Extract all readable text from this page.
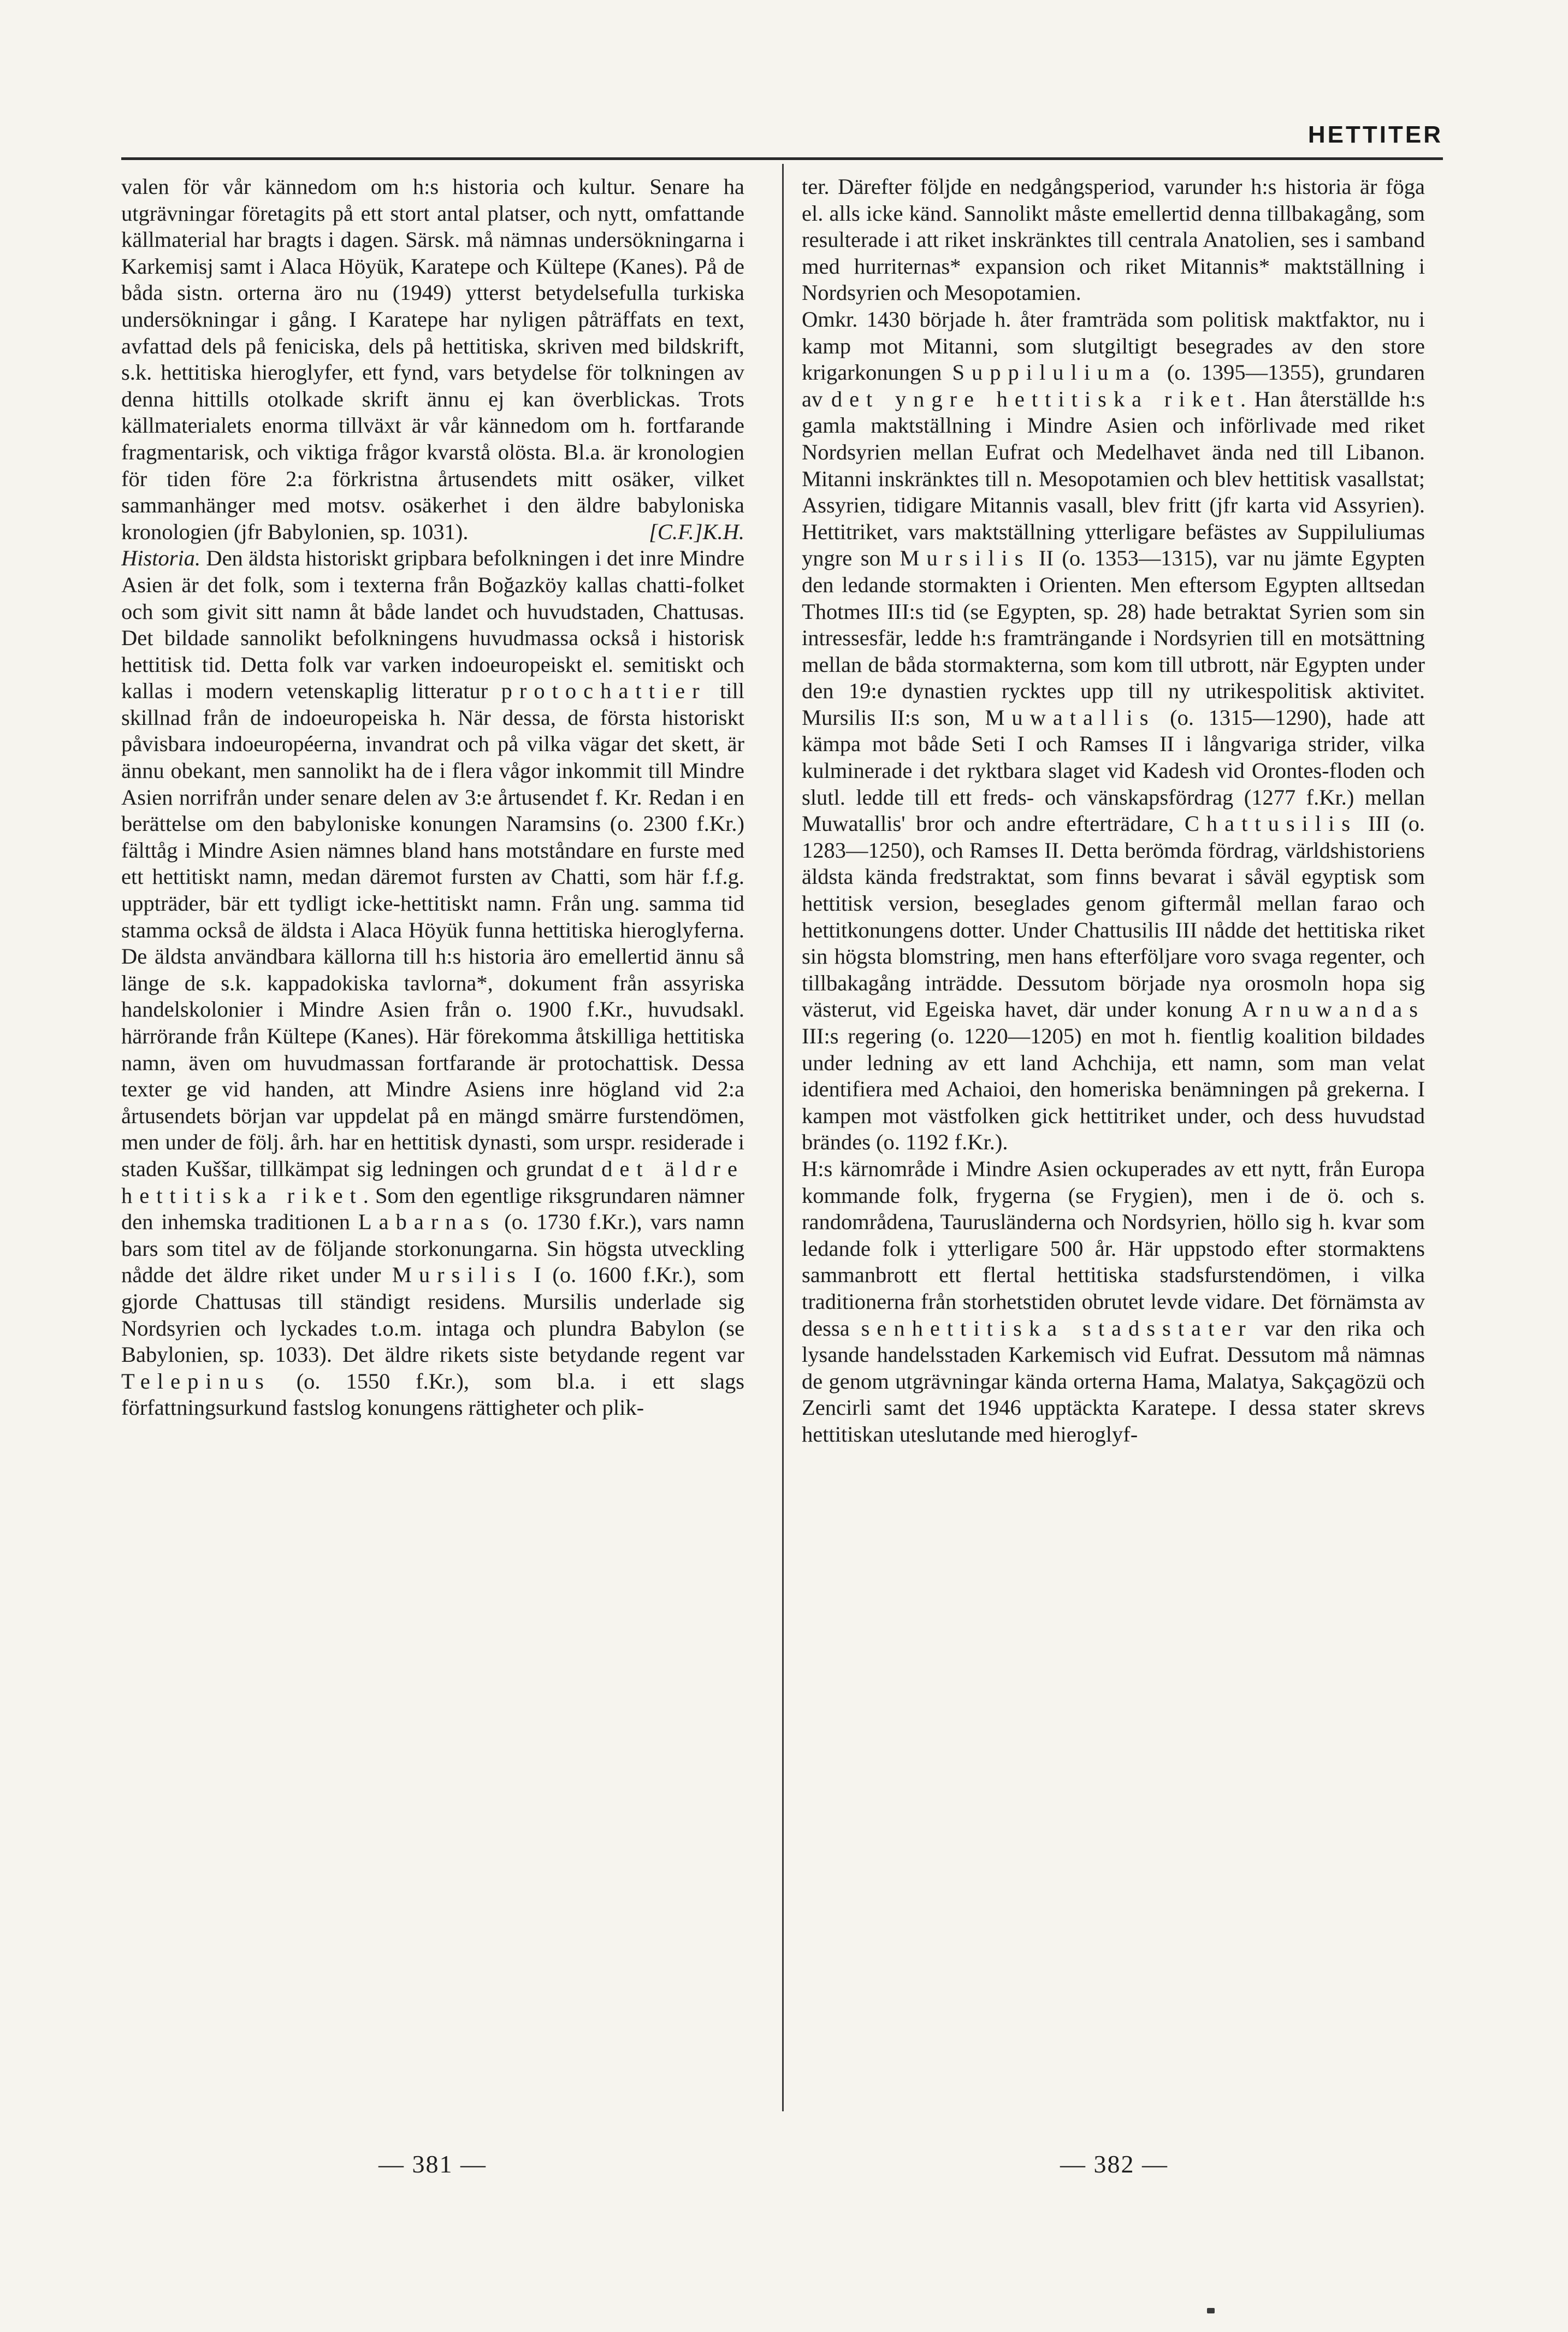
HETTITER

valen för vår kännedom om h:s historia och kultur. Senare ha utgrävningar företagits på ett stort antal platser, och nytt, omfattande källmaterial har bragts i dagen. Särsk. må nämnas undersökningarna i Karkemisj samt i Alaca Höyük, Karatepe och Kültepe (Kanes). På de båda sistn. orterna äro nu (1949) ytterst betydelsefulla turkiska undersökningar i gång. I Karatepe har nyligen påträffats en text, avfattad dels på feniciska, dels på hettitiska, skriven med bildskrift, s.k. hettitiska hieroglyfer, ett fynd, vars betydelse för tolkningen av denna hittills otolkade skrift ännu ej kan överblickas. Trots källmaterialets enorma tillväxt är vår kännedom om h. fortfarande fragmentarisk, och viktiga frågor kvarstå olösta. Bl.a. är kronologien för tiden före 2:a förkristna årtusendets mitt osäker, vilket sammanhänger med motsv. osäkerhet i den äldre babyloniska kronologien (jfr Babylonien, sp. 1031).	[C.F.]K.H.

Historia. Den äldsta historiskt gripbara befolkningen i det inre Mindre Asien är det folk, som i texterna från Boğazköy kallas chatti-folket och som givit sitt namn åt både landet och huvudstaden, Chattusas. Det bildade sannolikt befolkningens huvudmassa också i historisk hettitisk tid. Detta folk var varken indoeuropeiskt el. semitiskt och kallas i modern vetenskaplig litteratur protochattier till skillnad från de indoeuropeiska h. När dessa, de första historiskt påvisbara indoeuropéerna, invandrat och på vilka vägar det skett, är ännu obekant, men sannolikt ha de i flera vågor inkommit till Mindre Asien norrifrån under senare delen av 3:e årtusendet f. Kr. Redan i en berättelse om den babyloniske konungen Naramsins (o. 2300 f.Kr.) fälttåg i Mindre Asien nämnes bland hans motståndare en furste med ett hettitiskt namn, medan däremot fursten av Chatti, som här f.f.g. uppträder, bär ett tydligt icke-hettitiskt namn. Från ung. samma tid stamma också de äldsta i Alaca Höyük funna hettitiska hieroglyferna. De äldsta användbara källorna till h:s historia äro emellertid ännu så länge de s.k. kappadokiska tavlorna*, dokument från assyriska handelskolonier i Mindre Asien från o. 1900 f.Kr., huvudsakl. härrörande från Kültepe (Kanes). Här förekomma åtskilliga hettitiska namn, även om huvudmassan fortfarande är protochattisk. Dessa texter ge vid handen, att Mindre Asiens inre högland vid 2:a årtusendets början var uppdelat på en mängd smärre furstendömen, men under de följ. årh. har en hettitisk dynasti, som urspr. residerade i staden Kuššar, tillkämpat sig ledningen och grundat det äldre hettitiska riket. Som den egentlige riksgrundaren nämner den inhemska traditionen Labarnas (o. 1730 f.Kr.), vars namn bars som titel av de följande storkonungarna. Sin högsta utveckling nådde det äldre riket under Mursilis I (o. 1600 f.Kr.), som gjorde Chattusas till ständigt residens. Mursilis underlade sig Nordsyrien och lyckades t.o.m. intaga och plundra Babylon (se Babylonien, sp. 1033). Det äldre rikets siste betydande regent var Telepinus (o. 1550 f.Kr.), som bl.a. i ett slags författningsurkund fastslog konungens rättigheter och plik-

ter. Därefter följde en nedgångsperiod, varunder h:s historia är föga el. alls icke känd. Sannolikt måste emellertid denna tillbakagång, som resulterade i att riket inskränktes till centrala Anatolien, ses i samband med hurriternas* expansion och riket Mitannis* maktställning i Nordsyrien och Mesopotamien.

Omkr. 1430 började h. åter framträda som politisk maktfaktor, nu i kamp mot Mitanni, som slutgiltigt besegrades av den store krigarkonungen Suppiluliuma (o. 1395—1355), grundaren av det yngre hettitiska riket. Han återställde h:s gamla maktställning i Mindre Asien och införlivade med riket Nordsyrien mellan Eufrat och Medelhavet ända ned till Libanon. Mitanni inskränktes till n. Mesopotamien och blev hettitisk vasallstat; Assyrien, tidigare Mitannis vasall, blev fritt (jfr karta vid Assyrien). Hettitriket, vars maktställning ytterligare befästes av Suppiluliumas yngre son Mursilis II (o. 1353—1315), var nu jämte Egypten den ledande stormakten i Orienten. Men eftersom Egypten alltsedan Thotmes III:s tid (se Egypten, sp. 28) hade betraktat Syrien som sin intressesfär, ledde h:s framträngande i Nordsyrien till en motsättning mellan de båda stormakterna, som kom till utbrott, när Egypten under den 19:e dynastien rycktes upp till ny utrikespolitisk aktivitet. Mursilis II:s son, Muwatallis (o. 1315—1290), hade att kämpa mot både Seti I och Ramses II i långvariga strider, vilka kulminerade i det ryktbara slaget vid Kadesh vid Orontes-floden och slutl. ledde till ett freds- och vänskapsfördrag (1277 f.Kr.) mellan Muwatallis' bror och andre efterträdare, Chattusilis III (o. 1283—1250), och Ramses II. Detta berömda fördrag, världshistoriens äldsta kända fredstraktat, som finns bevarat i såväl egyptisk som hettitisk version, beseglades genom giftermål mellan farao och hettitkonungens dotter. Under Chattusilis III nådde det hettitiska riket sin högsta blomstring, men hans efterföljare voro svaga regenter, och tillbakagång inträdde. Dessutom började nya orosmoln hopa sig västerut, vid Egeiska havet, där under konung Arnuwandas III:s regering (o. 1220—1205) en mot h. fientlig koalition bildades under ledning av ett land Achchija, ett namn, som man velat identifiera med Achaioi, den homeriska benämningen på grekerna. I kampen mot västfolken gick hettitriket under, och dess huvudstad brändes (o. 1192 f.Kr.).

H:s kärnområde i Mindre Asien ockuperades av ett nytt, från Europa kommande folk, frygerna (se Frygien), men i de ö. och s. randområdena, Taurusländerna och Nordsyrien, höllo sig h. kvar som ledande folk i ytterligare 500 år. Här uppstodo efter stormaktens sammanbrott ett flertal hettitiska stadsfurstendömen, i vilka traditionerna från storhetstiden obrutet levde vidare. Det förnämsta av dessa senhettitiska stadsstater var den rika och lysande handelsstaden Karkemisch vid Eufrat. Dessutom må nämnas de genom utgrävningar kända orterna Hama, Malatya, Sakçagözü och Zencirli samt det 1946 upptäckta Karatepe. I dessa stater skrevs hettitiskan uteslutande med hieroglyf-

— 381 —	— 382 —
